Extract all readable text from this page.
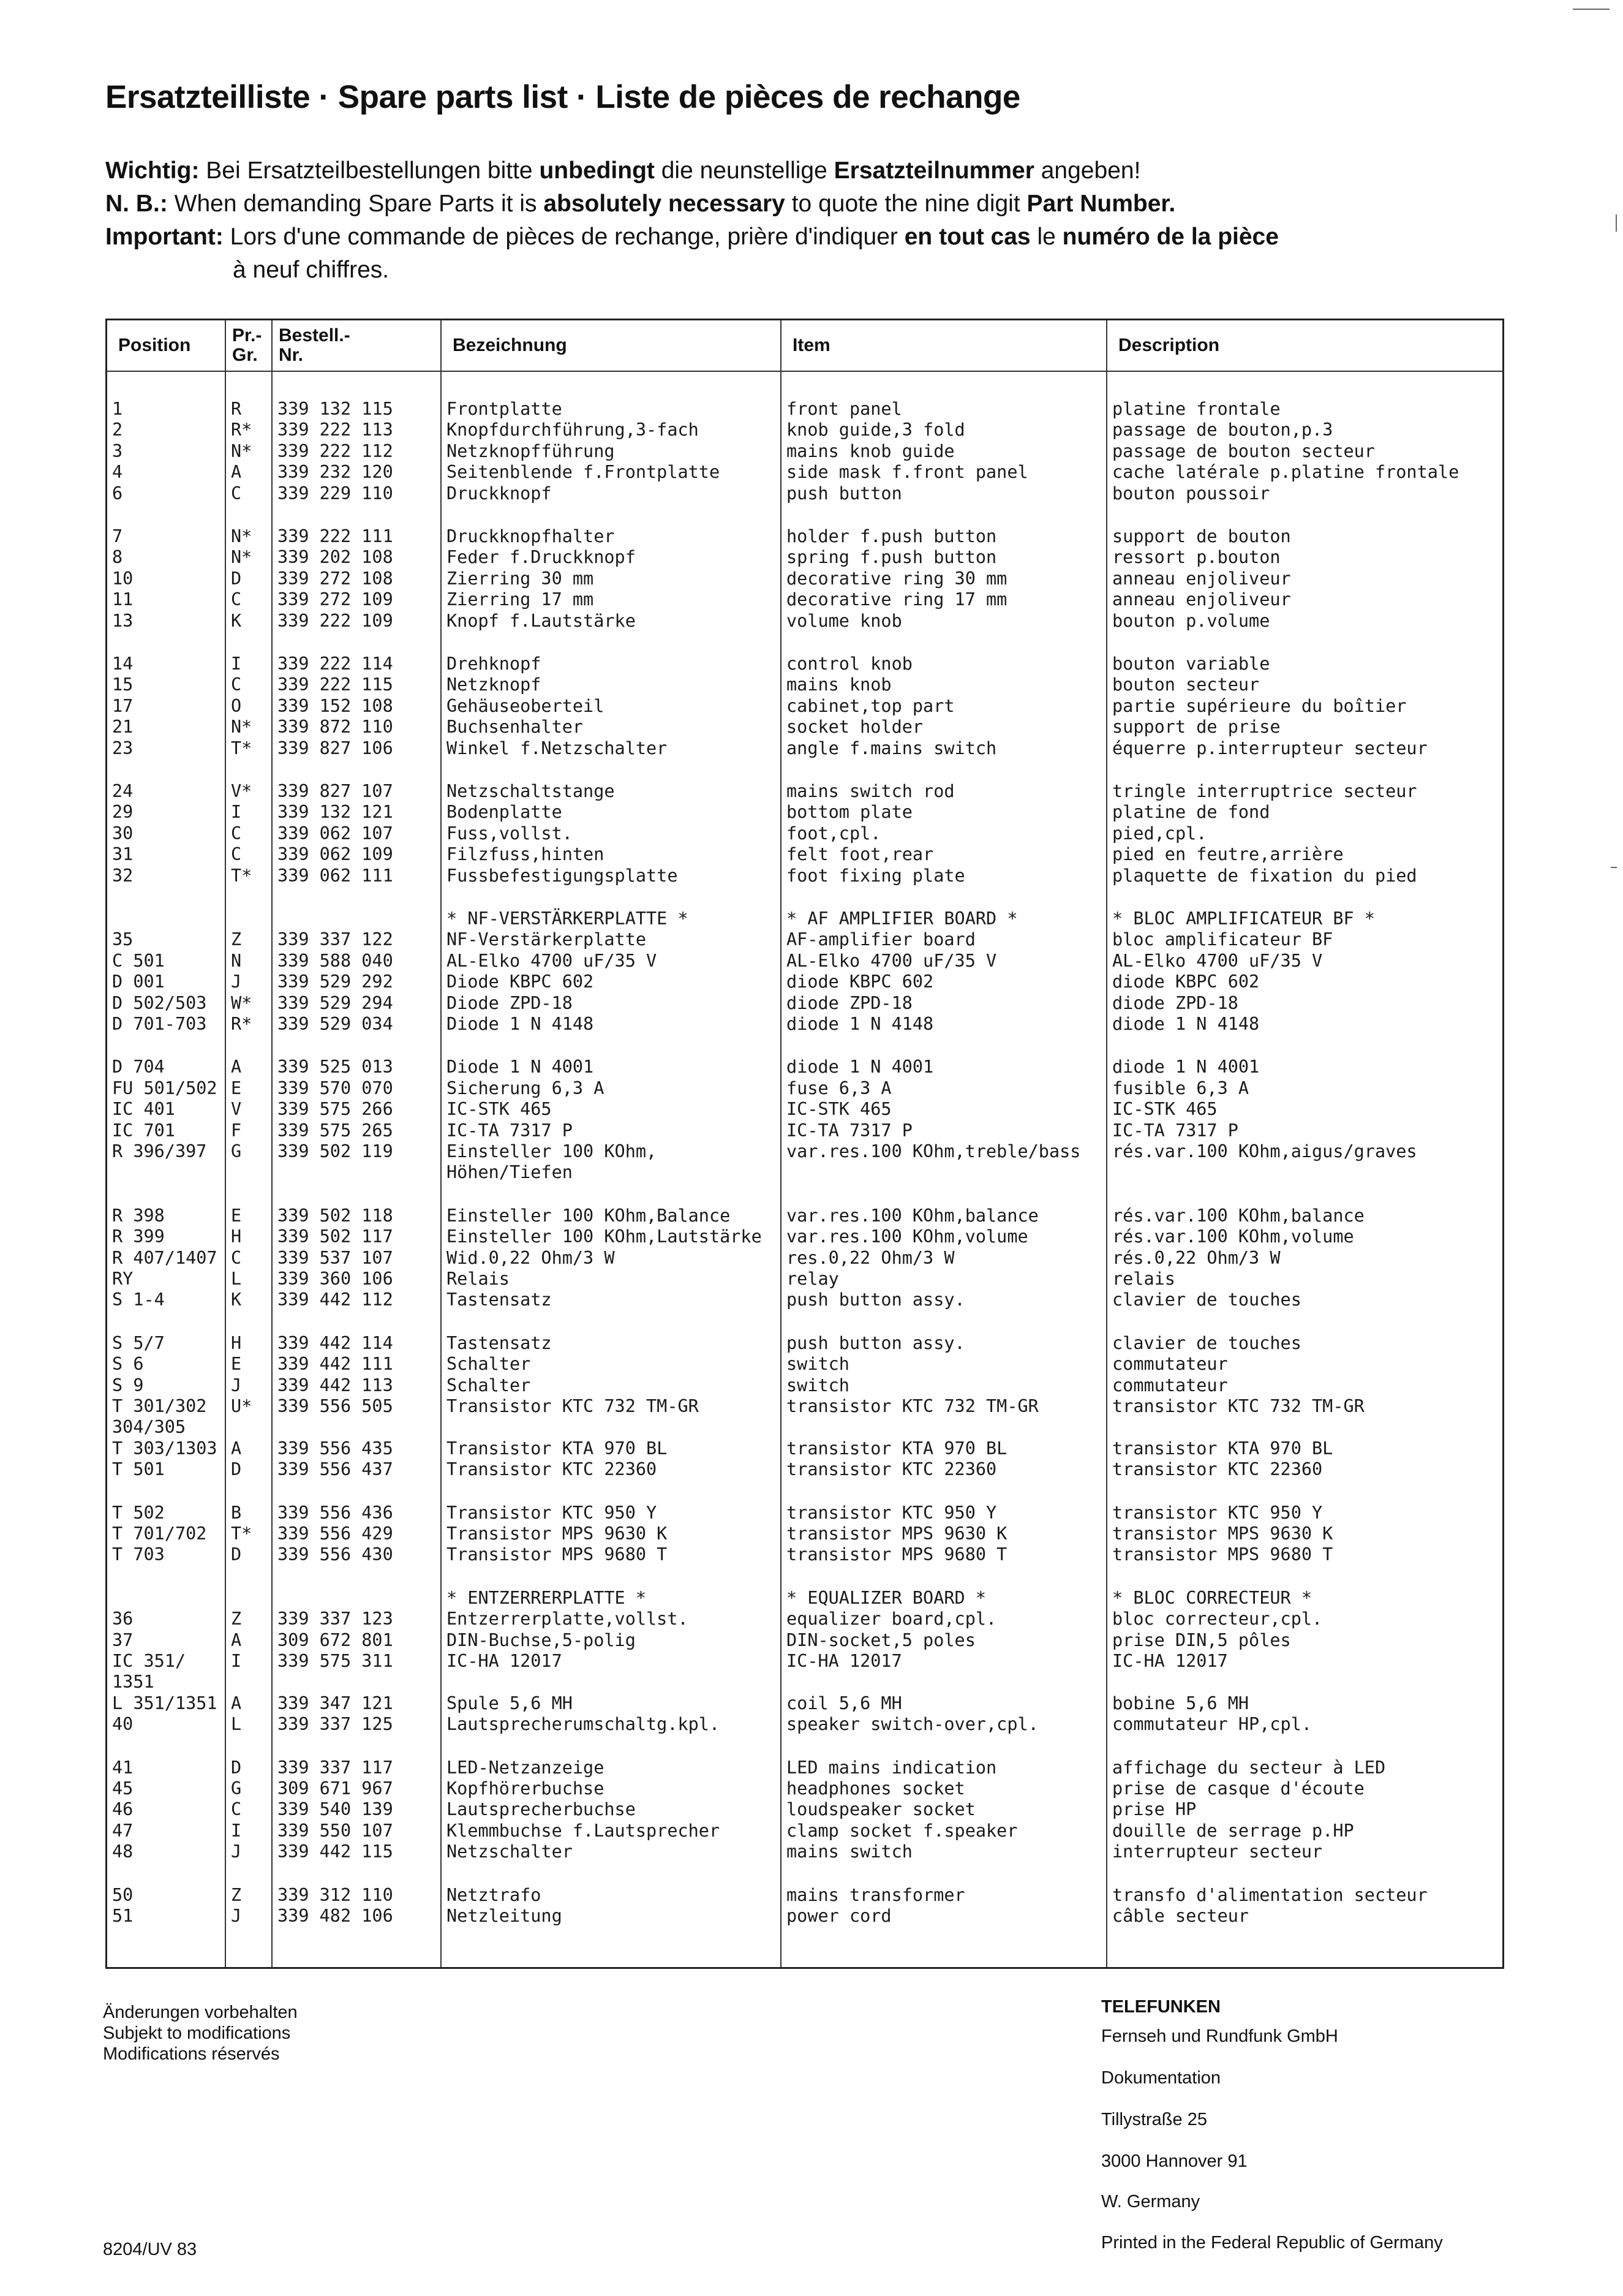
Ersatzteilliste · Spare parts list · Liste de pièces de rechange
Wichtig: Bei Ersatzteilbestellungen bitte unbedingt die neunstellige Ersatzteilnummer angeben!
N. B.: When demanding Spare Parts it is absolutely necessary to quote the nine digit Part Number.
Important: Lors d'une commande de pièces de rechange, prière d'indiquer en tout cas le numéro de la pièce
à neuf chiffres.
Position
1
2
3
4
6
7
8
10
11
13
14
15
17
21
23
24
29
30
31
32
35
C 501
D 001
D 502/503
D 701-703
D 704
FU 501/502
IC 401
IC 701
R 396/397
R 398
R 399
R 407/1407
RY
S 1-4
S 5/7
S 6
S 9
T 301/302
304/305
T 303/1303
T 501
T 502
T 701/702
T 703
36
37
IC 351/
1351
L 351/1351
40
41
45
46
47
48
50
51
Pr.-
Gr.
R
R*
N*
A
C
N*
N*
D
C
K
I
C
O
N*
T*
V*
I
C
C
T*
Z
N
J
W*
R*
A
E
V
F
G
E
H
C
L
K
H
E
J
U*
A
D
B
T*
D
Z
A
I
A
L
D
G
C
I
J
Z
J
Bestell.-
Nr.
339 132 115
339 222 113
339 222 112
339 232 120
339 229 110
339 222 111
339 202 108
339 272 108
339 272 109
339 222 109
339 222 114
339 222 115
339 152 108
339 872 110
339 827 106
339 827 107
339 132 121
339 062 107
339 062 109
339 062 111
339 337 122
339 588 040
339 529 292
339 529 294
339 529 034
339 525 013
339 570 070
339 575 266
339 575 265
339 502 119
339 502 118
339 502 117
339 537 107
339 360 106
339 442 112
339 442 114
339 442 111
339 442 113
339 556 505
339 556 435
339 556 437
339 556 436
339 556 429
339 556 430
339 337 123
309 672 801
339 575 311
339 347 121
339 337 125
339 337 117
309 671 967
339 540 139
339 550 107
339 442 115
339 312 110
339 482 106
Bezeichnung
Frontplatte
Knopfdurchführung,3-fach
Netzknopfführung
Seitenblende f.Frontplatte
Druckknopf
Druckknopfhalter
Feder f.Druckknopf
Zierring 30 mm
Zierring 17 mm
Knopf f.Lautstärke
Drehknopf
Netzknopf
Gehäuseoberteil
Buchsenhalter
Winkel f.Netzschalter
Netzschaltstange
Bodenplatte
Fuss,vollst.
Filzfuss,hinten
Fussbefestigungsplatte
* NF-VERSTÄRKERPLATTE *
NF-Verstärkerplatte
AL-Elko 4700 uF/35 V
Diode KBPC 602
Diode ZPD-18
Diode 1 N 4148
Diode 1 N 4001
Sicherung 6,3 A
IC-STK 465
IC-TA 7317 P
Einsteller 100 KOhm,
Höhen/Tiefen
Einsteller 100 KOhm,Balance
Einsteller 100 KOhm,Lautstärke
Wid.0,22 Ohm/3 W
Relais
Tastensatz
Tastensatz
Schalter
Schalter
Transistor KTC 732 TM-GR
Transistor KTA 970 BL
Transistor KTC 22360
Transistor KTC 950 Y
Transistor MPS 9630 K
Transistor MPS 9680 T
* ENTZERRERPLATTE *
Entzerrerplatte,vollst.
DIN-Buchse,5-polig
IC-HA 12017
Spule 5,6 MH
Lautsprecherumschaltg.kpl.
LED-Netzanzeige
Kopfhörerbuchse
Lautsprecherbuchse
Klemmbuchse f.Lautsprecher
Netzschalter
Netztrafo
Netzleitung
Item
front panel
knob guide,3 fold
mains knob guide
side mask f.front panel
push button
holder f.push button
spring f.push button
decorative ring 30 mm
decorative ring 17 mm
volume knob
control knob
mains knob
cabinet,top part
socket holder
angle f.mains switch
mains switch rod
bottom plate
foot,cpl.
felt foot,rear
foot fixing plate
* AF AMPLIFIER BOARD *
AF-amplifier board
AL-Elko 4700 uF/35 V
diode KBPC 602
diode ZPD-18
diode 1 N 4148
diode 1 N 4001
fuse 6,3 A
IC-STK 465
IC-TA 7317 P
var.res.100 KOhm,treble/bass
var.res.100 KOhm,balance
var.res.100 KOhm,volume
res.0,22 Ohm/3 W
relay
push button assy.
push button assy.
switch
switch
transistor KTC 732 TM-GR
transistor KTA 970 BL
transistor KTC 22360
transistor KTC 950 Y
transistor MPS 9630 K
transistor MPS 9680 T
* EQUALIZER BOARD *
equalizer board,cpl.
DIN-socket,5 poles
IC-HA 12017
coil 5,6 MH
speaker switch-over,cpl.
LED mains indication
headphones socket
loudspeaker socket
clamp socket f.speaker
mains switch
mains transformer
power cord
Description
platine frontale
passage de bouton,p.3
passage de bouton secteur
cache latérale p.platine frontale
bouton poussoir
support de bouton
ressort p.bouton
anneau enjoliveur
anneau enjoliveur
bouton p.volume
bouton variable
bouton secteur
partie supérieure du boîtier
support de prise
équerre p.interrupteur secteur
tringle interruptrice secteur
platine de fond
pied,cpl.
pied en feutre,arrière
plaquette de fixation du pied
* BLOC AMPLIFICATEUR BF *
bloc amplificateur BF
AL-Elko 4700 uF/35 V
diode KBPC 602
diode ZPD-18
diode 1 N 4148
diode 1 N 4001
fusible 6,3 A
IC-STK 465
IC-TA 7317 P
rés.var.100 KOhm,aigus/graves
rés.var.100 KOhm,balance
rés.var.100 KOhm,volume
rés.0,22 Ohm/3 W
relais
clavier de touches
clavier de touches
commutateur
commutateur
transistor KTC 732 TM-GR
transistor KTA 970 BL
transistor KTC 22360
transistor KTC 950 Y
transistor MPS 9630 K
transistor MPS 9680 T
* BLOC CORRECTEUR *
bloc correcteur,cpl.
prise DIN,5 pôles
IC-HA 12017
bobine 5,6 MH
commutateur HP,cpl.
affichage du secteur à LED
prise de casque d'écoute
prise HP
douille de serrage p.HP
interrupteur secteur
transfo d'alimentation secteur
câble secteur
Änderungen vorbehalten
Subjekt to modifications
Modifications réservés
8204/UV 83
TELEFUNKEN
Fernseh und Rundfunk GmbH
Dokumentation
Tillystraße 25
3000 Hannover 91
W. Germany
Printed in the Federal Republic of Germany
